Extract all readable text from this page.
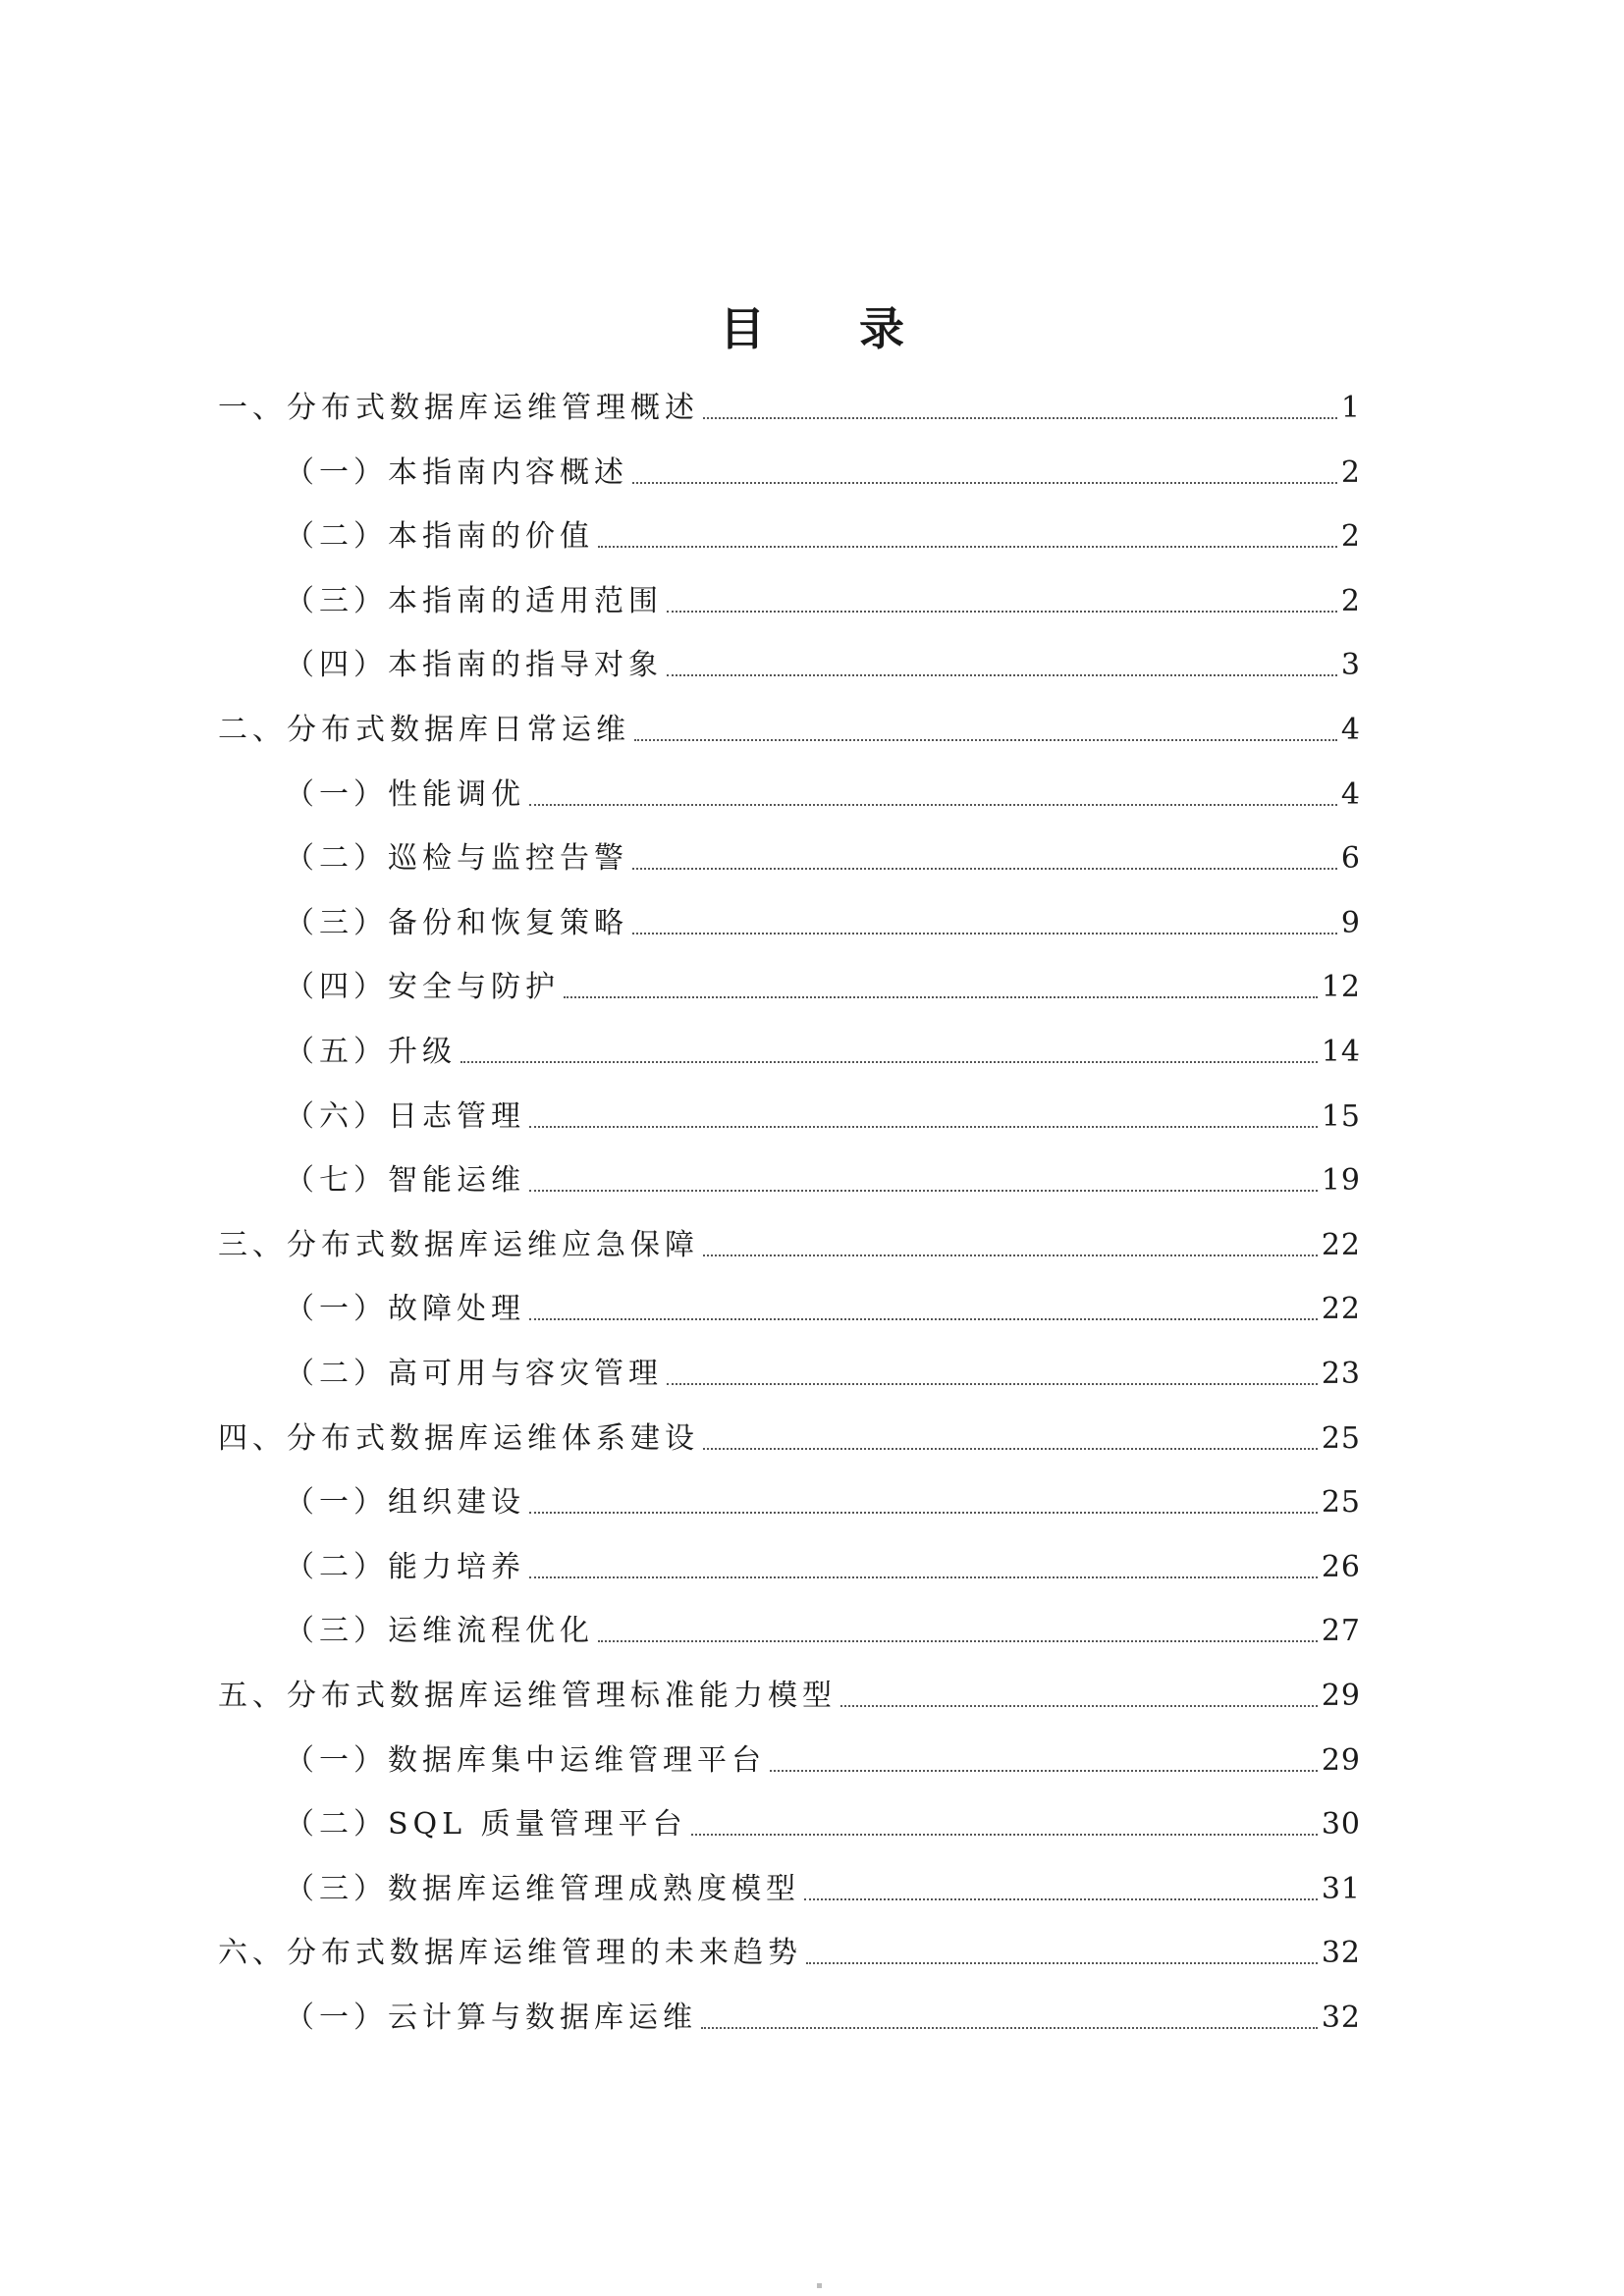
目 录
一、分布式数据库运维管理概述	1
（一）本指南内容概述	2
（二）本指南的价值	2
（三）本指南的适用范围	2
（四）本指南的指导对象	3
二、分布式数据库日常运维	4
（一）性能调优	4
（二）巡检与监控告警	6
（三）备份和恢复策略	9
（四）安全与防护	12
（五）升级	14
（六）日志管理	15
（七）智能运维	19
三、分布式数据库运维应急保障	22
（一）故障处理	22
（二）高可用与容灾管理	23
四、分布式数据库运维体系建设	25
（一）组织建设	25
（二）能力培养	26
（三）运维流程优化	27
五、分布式数据库运维管理标准能力模型	29
（一）数据库集中运维管理平台	29
（二）SQL 质量管理平台	30
（三）数据库运维管理成熟度模型	31
六、分布式数据库运维管理的未来趋势	32
（一）云计算与数据库运维	32
